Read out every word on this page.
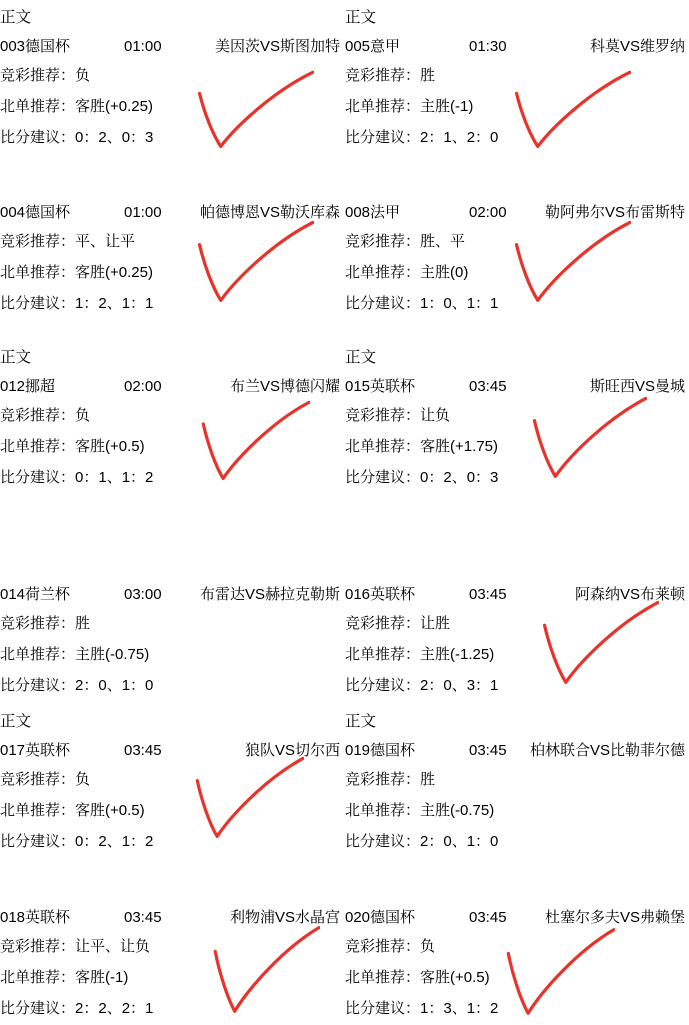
正文
003德国杯	01:00	美因茨VS斯图加特
竞彩推荐：负
北单推荐：客胜(+0.25)
比分建议：0：2、0：3
004德国杯	01:00	帕德博恩VS勒沃库森
竞彩推荐：平、让平
北单推荐：客胜(+0.25)
比分建议：1：2、1：1
正文
012挪超	02:00	布兰VS博德闪耀
竞彩推荐：负
北单推荐：客胜(+0.5)
比分建议：0：1、1：2
014荷兰杯	03:00	布雷达VS赫拉克勒斯
竞彩推荐：胜
北单推荐：主胜(-0.75)
比分建议：2：0、1：0
正文
017英联杯	03:45	狼队VS切尔西
竞彩推荐：负
北单推荐：客胜(+0.5)
比分建议：0：2、1：2
018英联杯	03:45	利物浦VS水晶宫
竞彩推荐：让平、让负
北单推荐：客胜(-1)
比分建议：2：2、2：1
正文
005意甲	01:30	科莫VS维罗纳
竞彩推荐：胜
北单推荐：主胜(-1)
比分建议：2：1、2：0
008法甲	02:00	勒阿弗尔VS布雷斯特
竞彩推荐：胜、平
北单推荐：主胜(0)
比分建议：1：0、1：1
正文
015英联杯	03:45	斯旺西VS曼城
竞彩推荐：让负
北单推荐：客胜(+1.75)
比分建议：0：2、0：3
016英联杯	03:45	阿森纳VS布莱顿
竞彩推荐：让胜
北单推荐：主胜(-1.25)
比分建议：2：0、3：1
正文
019德国杯	03:45 柏林联合VS比勒菲尔德
竞彩推荐：胜
北单推荐：主胜(-0.75)
比分建议：2：0、1：0
020德国杯	03:45	杜塞尔多夫VS弗赖堡
竞彩推荐：负
北单推荐：客胜(+0.5)
比分建议：1：3、1：2
